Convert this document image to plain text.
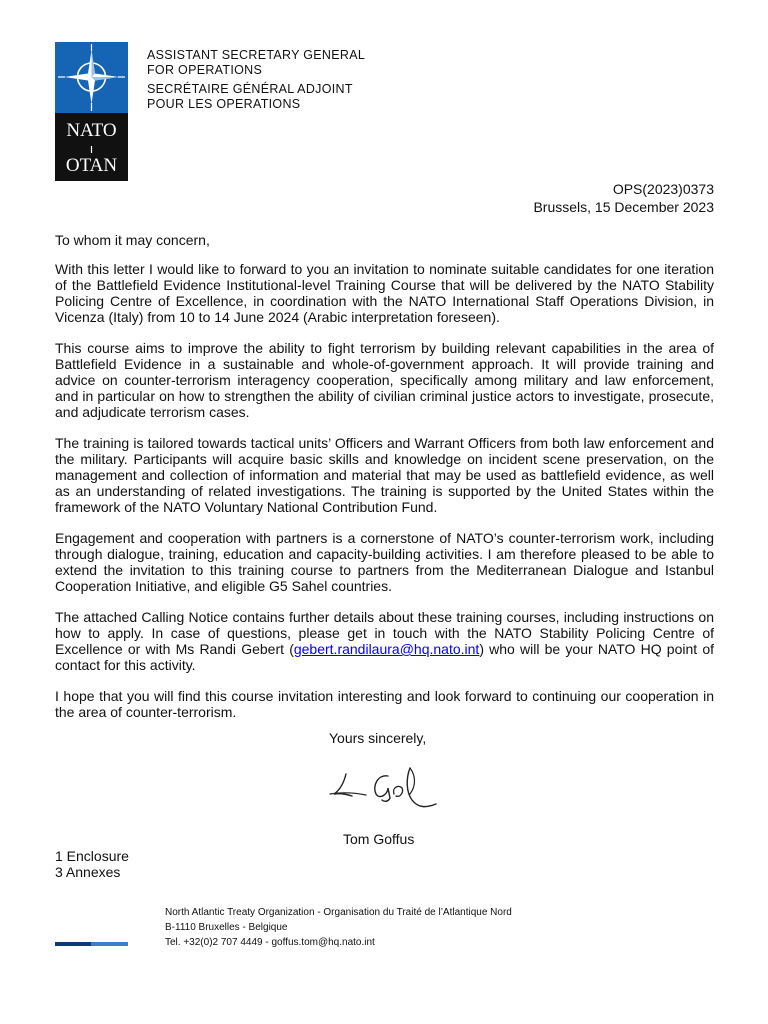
NATO
OTAN
ASSISTANT SECRETARY GENERAL
FOR OPERATIONS
SECRÉTAIRE GÉNÉRAL ADJOINT
POUR LES OPERATIONS
OPS(2023)0373
Brussels, 15 December 2023

To whom it may concern,

With this letter I would like to forward to you an invitation to nominate suitable candidates for one iteration of the Battlefield Evidence Institutional-level Training Course that will be delivered by the NATO Stability Policing Centre of Excellence, in coordination with the NATO International Staff Operations Division, in Vicenza (Italy) from 10 to 14 June 2024 (Arabic interpretation foreseen).

This course aims to improve the ability to fight terrorism by building relevant capabilities in the area of Battlefield Evidence in a sustainable and whole-of-government approach. It will provide training and advice on counter-terrorism interagency cooperation, specifically among military and law enforcement, and in particular on how to strengthen the ability of civilian criminal justice actors to investigate, prosecute, and adjudicate terrorism cases.

The training is tailored towards tactical units’ Officers and Warrant Officers from both law enforcement and the military. Participants will acquire basic skills and knowledge on incident scene preservation, on the management and collection of information and material that may be used as battlefield evidence, as well as an understanding of related investigations. The training is supported by the United States within the framework of the NATO Voluntary National Contribution Fund.

Engagement and cooperation with partners is a cornerstone of NATO’s counter-terrorism work, including through dialogue, training, education and capacity-building activities. I am therefore pleased to be able to extend the invitation to this training course to partners from the Mediterranean Dialogue and Istanbul Cooperation Initiative, and eligible G5 Sahel countries.

The attached Calling Notice contains further details about these training courses, including instructions on how to apply. In case of questions, please get in touch with the NATO Stability Policing Centre of Excellence or with Ms Randi Gebert (gebert.randilaura@hq.nato.int) who will be your NATO HQ point of contact for this activity.

I hope that you will find this course invitation interesting and look forward to continuing our cooperation in the area of counter-terrorism.

Yours sincerely,
Tom Goffus
1 Enclosure
3 Annexes
North Atlantic Treaty Organization - Organisation du Traité de l’Atlantique Nord
B-1110 Bruxelles - Belgique
Tel. +32(0)2 707 4449 - goffus.tom@hq.nato.int
